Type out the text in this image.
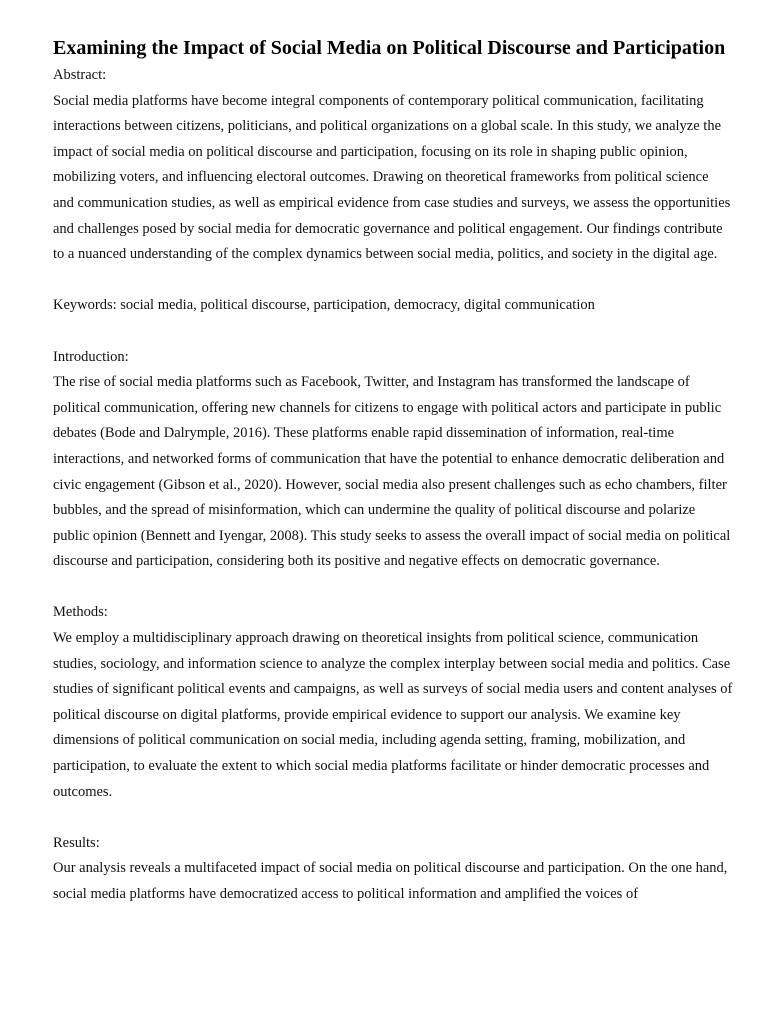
Examining the Impact of Social Media on Political Discourse and Participation

Abstract:

Social media platforms have become integral components of contemporary political communication, facilitating interactions between citizens, politicians, and political organizations on a global scale. In this study, we analyze the impact of social media on political discourse and participation, focusing on its role in shaping public opinion, mobilizing voters, and influencing electoral outcomes. Drawing on theoretical frameworks from political science and communication studies, as well as empirical evidence from case studies and surveys, we assess the opportunities and challenges posed by social media for democratic governance and political engagement. Our findings contribute to a nuanced understanding of the complex dynamics between social media, politics, and society in the digital age.

Keywords: social media, political discourse, participation, democracy, digital communication

Introduction:

The rise of social media platforms such as Facebook, Twitter, and Instagram has transformed the landscape of political communication, offering new channels for citizens to engage with political actors and participate in public debates (Bode and Dalrymple, 2016). These platforms enable rapid dissemination of information, real-time interactions, and networked forms of communication that have the potential to enhance democratic deliberation and civic engagement (Gibson et al., 2020). However, social media also present challenges such as echo chambers, filter bubbles, and the spread of misinformation, which can undermine the quality of political discourse and polarize public opinion (Bennett and Iyengar, 2008). This study seeks to assess the overall impact of social media on political discourse and participation, considering both its positive and negative effects on democratic governance.

Methods:

We employ a multidisciplinary approach drawing on theoretical insights from political science, communication studies, sociology, and information science to analyze the complex interplay between social media and politics. Case studies of significant political events and campaigns, as well as surveys of social media users and content analyses of political discourse on digital platforms, provide empirical evidence to support our analysis. We examine key dimensions of political communication on social media, including agenda setting, framing, mobilization, and participation, to evaluate the extent to which social media platforms facilitate or hinder democratic processes and outcomes.

Results:

Our analysis reveals a multifaceted impact of social media on political discourse and participation. On the one hand, social media platforms have democratized access to political information and amplified the voices of
